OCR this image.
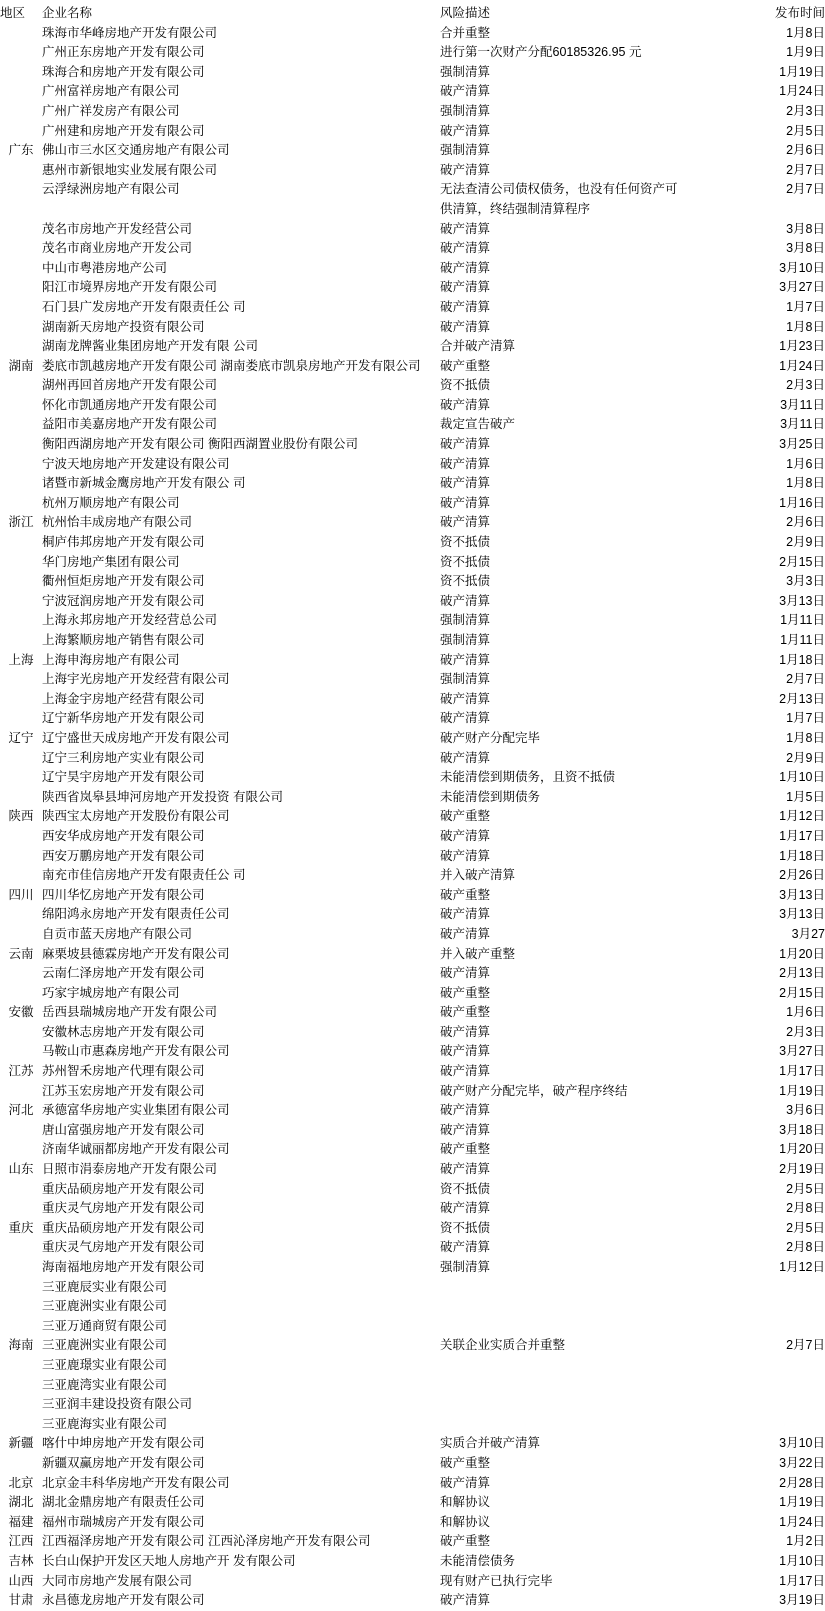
地区	企业名称	风险描述	发布时间
	珠海市华峰房地产开发有限公司	合并重整	1月8日
	广州正东房地产开发有限公司	进行第一次财产分配60185326.95 元	1月9日
	珠海合和房地产开发有限公司	强制清算	1月19日
	广州富祥房地产有限公司	破产清算	1月24日
	广州广祥发房产有限公司	强制清算	2月3日
	广州建和房地产开发有限公司	破产清算	2月5日
广东	佛山市三水区交通房地产有限公司	强制清算	2月6日
	惠州市新银地实业发展有限公司	破产清算	2月7日
	云浮绿洲房地产有限公司	无法查清公司债权债务，也没有任何资产可
供清算，终结强制清算程序	2月7日
	茂名市房地产开发经营公司	破产清算	3月8日
	茂名市商业房地产开发公司	破产清算	3月8日
	中山市粤港房地产公司	破产清算	3月10日
	阳江市境界房地产开发有限公司	破产清算	3月27日
	石门县广发房地产开发有限责任公 司	破产清算	1月7日
	湖南新天房地产投资有限公司	破产清算	1月8日
	湖南龙牌酱业集团房地产开发有限 公司	合并破产清算	1月23日
湖南	娄底市凯越房地产开发有限公司 湖南娄底市凯泉房地产开发有限公司	破产重整	1月24日
	湖州再回首房地产开发有限公司	资不抵债	2月3日
	怀化市凯通房地产开发有限公司	破产清算	3月11日
	益阳市美嘉房地产开发有限公司	裁定宣告破产	3月11日
	衡阳西湖房地产开发有限公司 衡阳西湖置业股份有限公司	破产清算	3月25日
	宁波天地房地产开发建设有限公司	破产清算	1月6日
	诸暨市新城金鹰房地产开发有限公 司	破产清算	1月8日
	杭州万顺房地产有限公司	破产清算	1月16日
浙江	杭州怡丰成房地产有限公司	破产清算	2月6日
	桐庐伟邦房地产开发有限公司	资不抵债	2月9日
	华门房地产集团有限公司	资不抵债	2月15日
	衢州恒炬房地产开发有限公司	资不抵债	3月3日
	宁波冠润房地产开发有限公司	破产清算	3月13日
	上海永邦房地产开发经营总公司	强制清算	1月11日
	上海繁顺房地产销售有限公司	强制清算	1月11日
上海	上海申海房地产有限公司	破产清算	1月18日
	上海宇光房地产开发经营有限公司	强制清算	2月7日
	上海金宇房地产经营有限公司	破产清算	2月13日
	辽宁新华房地产开发有限公司	破产清算	1月7日
辽宁	辽宁盛世天成房地产开发有限公司	破产财产分配完毕	1月8日
	辽宁三利房地产实业有限公司	破产清算	2月9日
	辽宁昊宇房地产开发有限公司	未能清偿到期债务，且资不抵债	1月10日
	陕西省岚皋县坤河房地产开发投资 有限公司	未能清偿到期债务	1月5日
陕西	陕西宝太房地产开发股份有限公司	破产重整	1月12日
	西安华成房地产开发有限公司	破产清算	1月17日
	西安万鹏房地产开发有限公司	破产清算	1月18日
	南充市佳信房地产开发有限责任公 司	并入破产清算	2月26日
四川	四川华忆房地产开发有限公司	破产重整	3月13日
	绵阳鸿永房地产开发有限责任公司	破产清算	3月13日
	自贡市蓝天房地产有限公司	破产清算	3月27
云南	麻栗坡县德霖房地产开发有限公司	并入破产重整	1月20日
	云南仁泽房地产开发有限公司	破产清算	2月13日
	巧家宇城房地产有限公司	破产重整	2月15日
安徽	岳西县瑞城房地产开发有限公司	破产重整	1月6日
	安徽林志房地产开发有限公司	破产清算	2月3日
	马鞍山市惠森房地产开发有限公司	破产清算	3月27日
江苏	苏州智禾房地产代理有限公司	破产清算	1月17日
	江苏玉宏房地产开发有限公司	破产财产分配完毕，破产程序终结	1月19日
河北	承德富华房地产实业集团有限公司	破产清算	3月6日
	唐山富强房地产开发有限公司	破产清算	3月18日
	济南华诚丽都房地产开发有限公司	破产重整	1月20日
山东	日照市涓泰房地产开发有限公司	破产清算	2月19日
	重庆品硕房地产开发有限公司	资不抵债	2月5日
	重庆灵气房地产开发有限公司	破产清算	2月8日
重庆	重庆品硕房地产开发有限公司	资不抵债	2月5日
	重庆灵气房地产开发有限公司	破产清算	2月8日
	海南福地房地产开发有限公司	强制清算	1月12日
	三亚鹿辰实业有限公司		
	三亚鹿洲实业有限公司		
	三亚万通商贸有限公司		
海南	三亚鹿洲实业有限公司	关联企业实质合并重整	2月7日
	三亚鹿璟实业有限公司		
	三亚鹿湾实业有限公司		
	三亚润丰建设投资有限公司		
	三亚鹿海实业有限公司		
新疆	喀什中坤房地产开发有限公司	实质合并破产清算	3月10日
	新疆双赢房地产开发有限公司	破产重整	3月22日
北京	北京金丰科华房地产开发有限公司	破产清算	2月28日
湖北	湖北金鼎房地产有限责任公司	和解协议	1月19日
福建	福州市瑞城房产开发有限公司	和解协议	1月24日
江西	江西福泽房地产开发有限公司 江西沁泽房地产开发有限公司	破产重整	1月2日
吉林	长白山保护开发区天地人房地产开 发有限公司	未能清偿债务	1月10日
山西	大同市房地产发展有限公司	现有财产已执行完毕	1月17日
甘肃	永昌德龙房地产开发有限公司	破产清算	3月19日
